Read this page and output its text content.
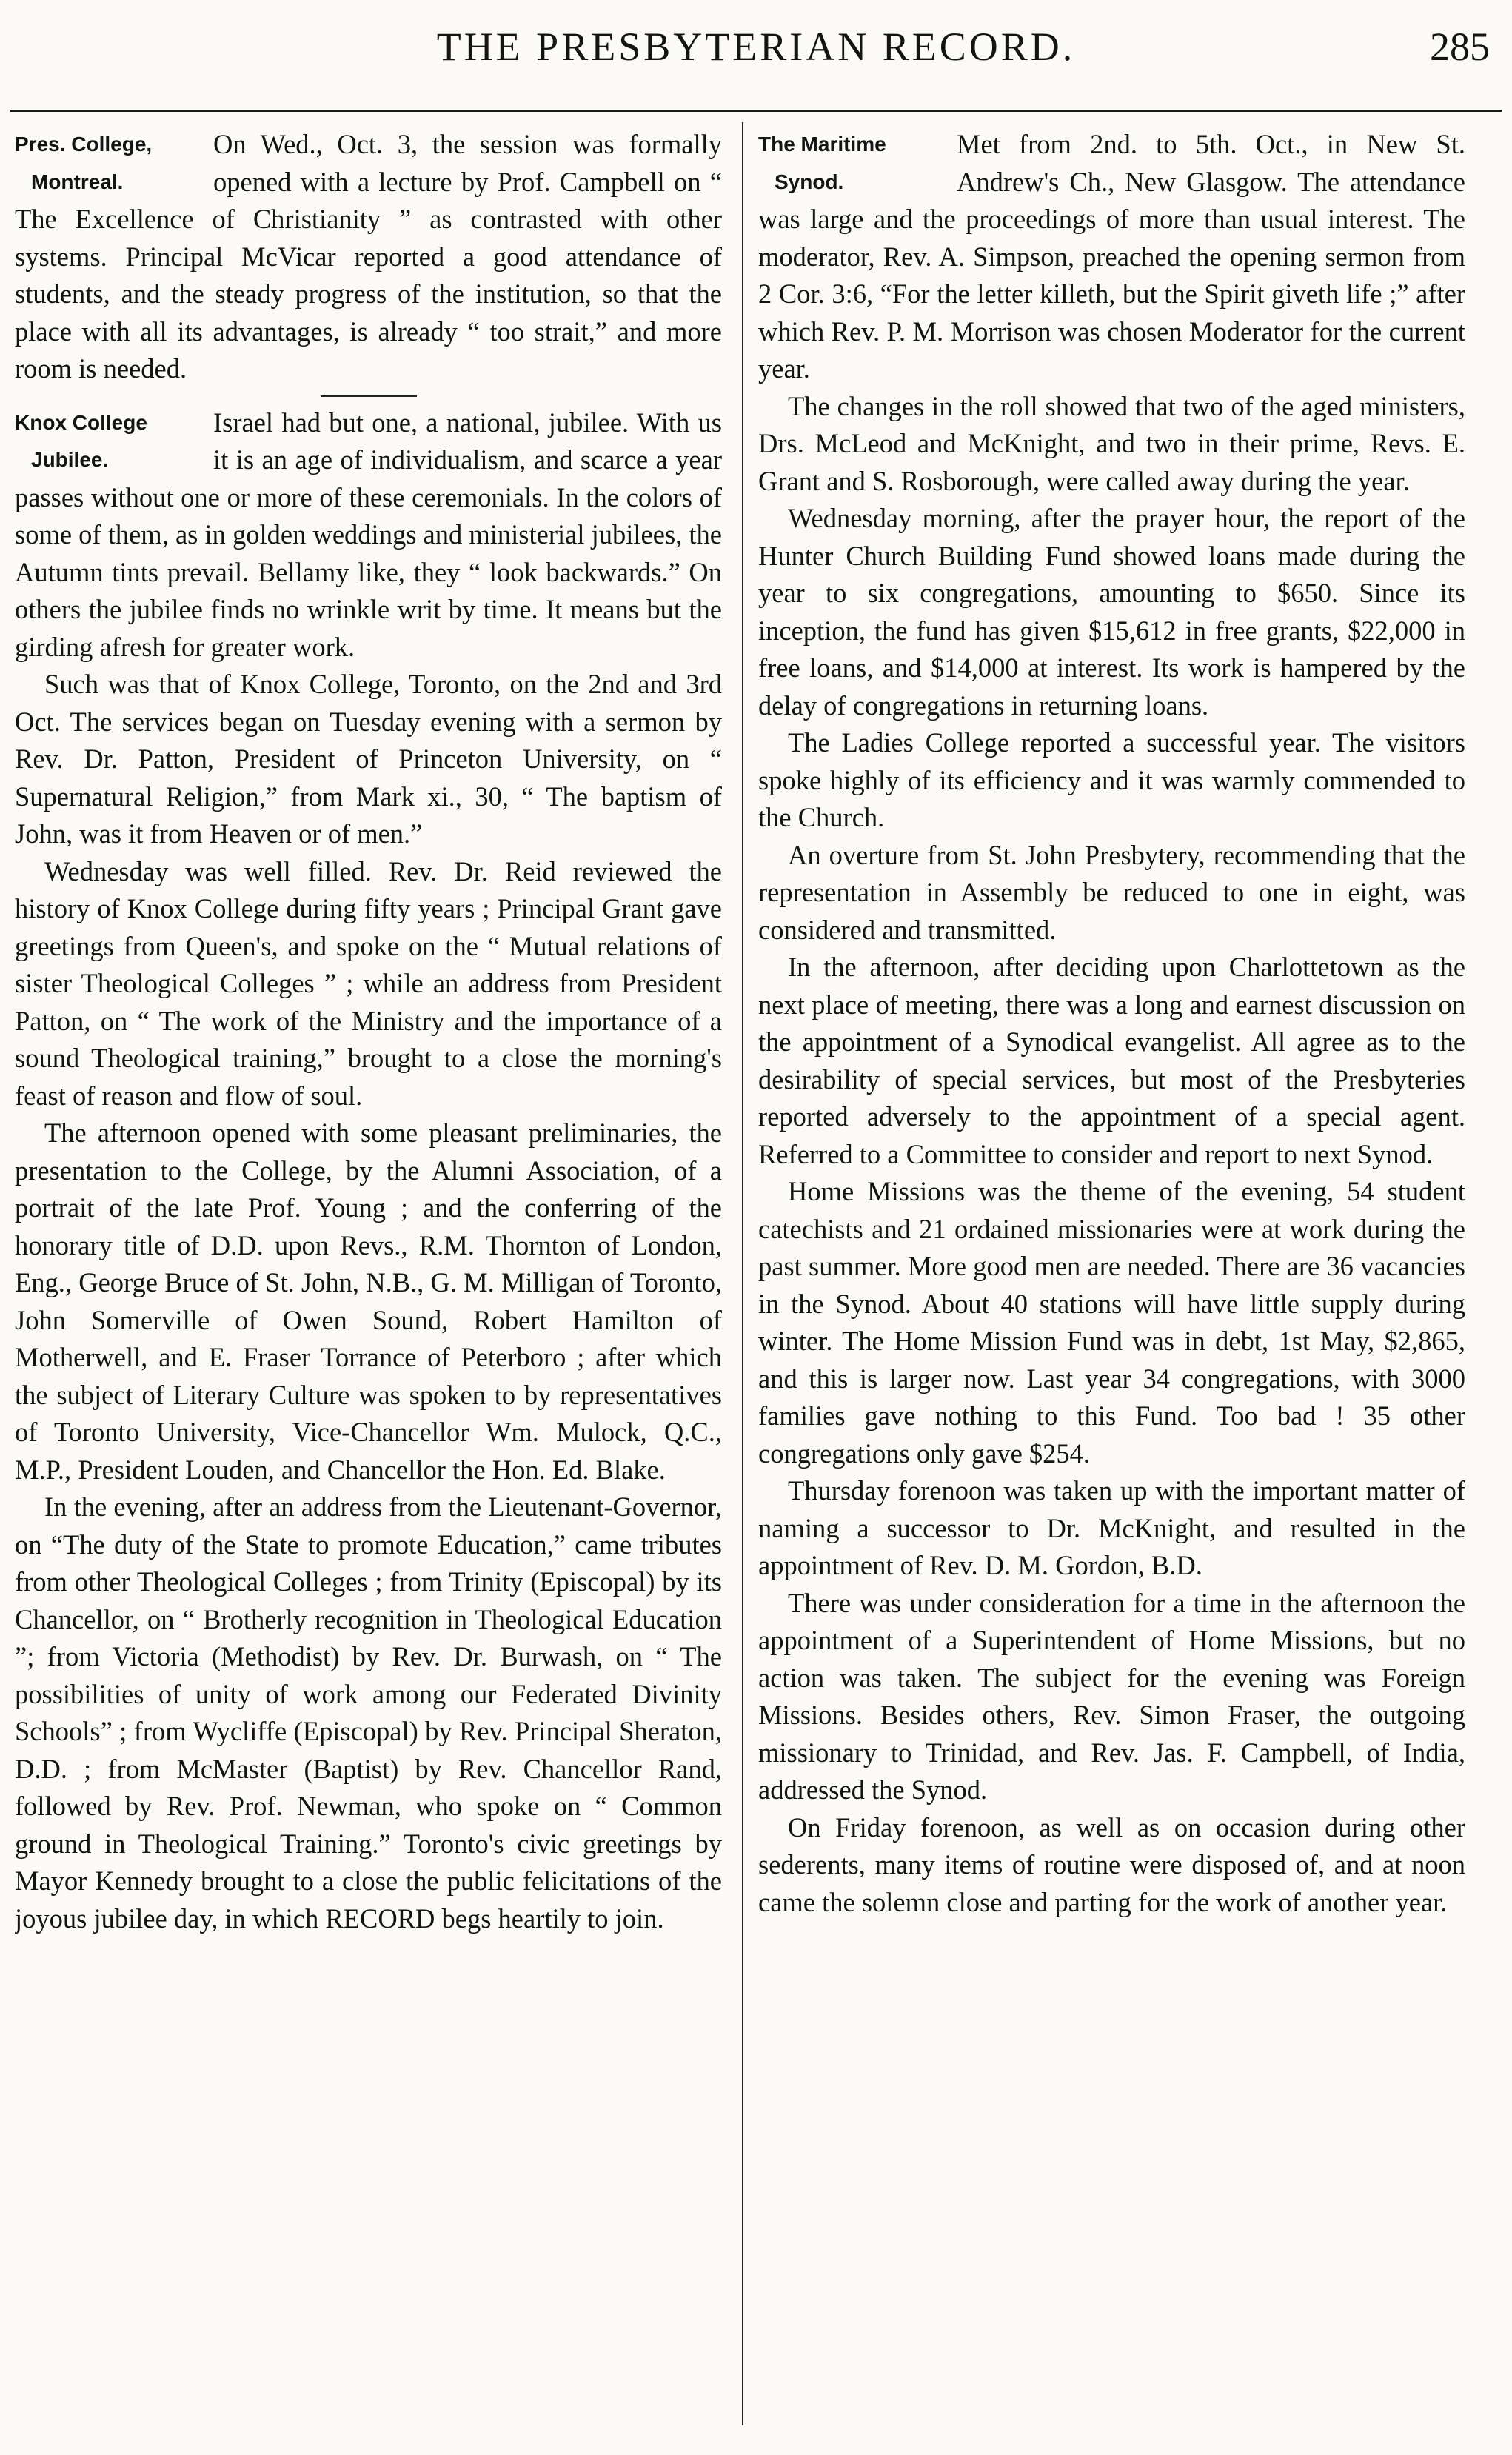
THE PRESBYTERIAN RECORD.	285
Pres. College,
Montreal.

On Wed., Oct. 3, the session was formally opened with a lecture by Prof. Campbell on “ The Excellence of Christianity ” as contrasted with other systems. Principal McVicar reported a good attendance of students, and the steady progress of the institution, so that the place with all its advantages, is already “ too strait,” and more room is needed.

Knox College
Jubilee.

Israel had but one, a national, jubilee. With us it is an age of individualism, and scarce a year passes without one or more of these ceremonials. In the colors of some of them, as in golden weddings and ministerial jubilees, the Autumn tints prevail. Bellamy like, they “ look backwards.” On others the jubilee finds no wrinkle writ by time. It means but the girding afresh for greater work.

Such was that of Knox College, Toronto, on the 2nd and 3rd Oct. The services began on Tuesday evening with a sermon by Rev. Dr. Patton, President of Princeton University, on “ Supernatural Religion,” from Mark xi., 30, “ The baptism of John, was it from Heaven or of men.”

Wednesday was well filled. Rev. Dr. Reid reviewed the history of Knox College during fifty years ; Principal Grant gave greetings from Queen's, and spoke on the “ Mutual relations of sister Theological Colleges ” ; while an address from President Patton, on “ The work of the Ministry and the importance of a sound Theological training,” brought to a close the morning's feast of reason and flow of soul.

The afternoon opened with some pleasant preliminaries, the presentation to the College, by the Alumni Association, of a portrait of the late Prof. Young ; and the conferring of the honorary title of D.D. upon Revs., R.M. Thornton of London, Eng., George Bruce of St. John, N.B., G. M. Milligan of Toronto, John Somerville of Owen Sound, Robert Hamilton of Motherwell, and E. Fraser Torrance of Peterboro ; after which the subject of Literary Culture was spoken to by representatives of Toronto University, Vice-Chancellor Wm. Mulock, Q.C., M.P., President Louden, and Chancellor the Hon. Ed. Blake.

In the evening, after an address from the Lieutenant-Governor, on “The duty of the State to promote Education,” came tributes from other Theological Colleges ; from Trinity (Episcopal) by its Chancellor, on “ Brotherly recognition in Theological Education ”; from Victoria (Methodist) by Rev. Dr. Burwash, on “ The possibilities of unity of work among our Federated Divinity Schools” ; from Wycliffe (Episcopal) by Rev. Principal Sheraton, D.D. ; from McMaster (Baptist) by Rev. Chancellor Rand, followed by Rev. Prof. Newman, who spoke on “ Common ground in Theological Training.” Toronto's civic greetings by Mayor Kennedy brought to a close the public felicitations of the joyous jubilee day, in which RECORD begs heartily to join.

The Maritime
Synod.

Met from 2nd. to 5th. Oct., in New St. Andrew's Ch., New Glasgow. The attendance was large and the proceedings of more than usual interest. The moderator, Rev. A. Simpson, preached the opening sermon from 2 Cor. 3:6, “For the letter killeth, but the Spirit giveth life ;” after which Rev. P. M. Morrison was chosen Moderator for the current year.

The changes in the roll showed that two of the aged ministers, Drs. McLeod and McKnight, and two in their prime, Revs. E. Grant and S. Rosborough, were called away during the year.

Wednesday morning, after the prayer hour, the report of the Hunter Church Building Fund showed loans made during the year to six congregations, amounting to $650. Since its inception, the fund has given $15,612 in free grants, $22,000 in free loans, and $14,000 at interest. Its work is hampered by the delay of congregations in returning loans.

The Ladies College reported a successful year. The visitors spoke highly of its efficiency and it was warmly commended to the Church.

An overture from St. John Presbytery, recommending that the representation in Assembly be reduced to one in eight, was considered and transmitted.

In the afternoon, after deciding upon Charlottetown as the next place of meeting, there was a long and earnest discussion on the appointment of a Synodical evangelist. All agree as to the desirability of special services, but most of the Presbyteries reported adversely to the appointment of a special agent. Referred to a Committee to consider and report to next Synod.

Home Missions was the theme of the evening, 54 student catechists and 21 ordained missionaries were at work during the past summer. More good men are needed. There are 36 vacancies in the Synod. About 40 stations will have little supply during winter. The Home Mission Fund was in debt, 1st May, $2,865, and this is larger now. Last year 34 congregations, with 3000 families gave nothing to this Fund. Too bad ! 35 other congregations only gave $254.

Thursday forenoon was taken up with the important matter of naming a successor to Dr. McKnight, and resulted in the appointment of Rev. D. M. Gordon, B.D.

There was under consideration for a time in the afternoon the appointment of a Superintendent of Home Missions, but no action was taken. The subject for the evening was Foreign Missions. Besides others, Rev. Simon Fraser, the outgoing missionary to Trinidad, and Rev. Jas. F. Campbell, of India, addressed the Synod.

On Friday forenoon, as well as on occasion during other sederents, many items of routine were disposed of, and at noon came the solemn close and parting for the work of another year.
